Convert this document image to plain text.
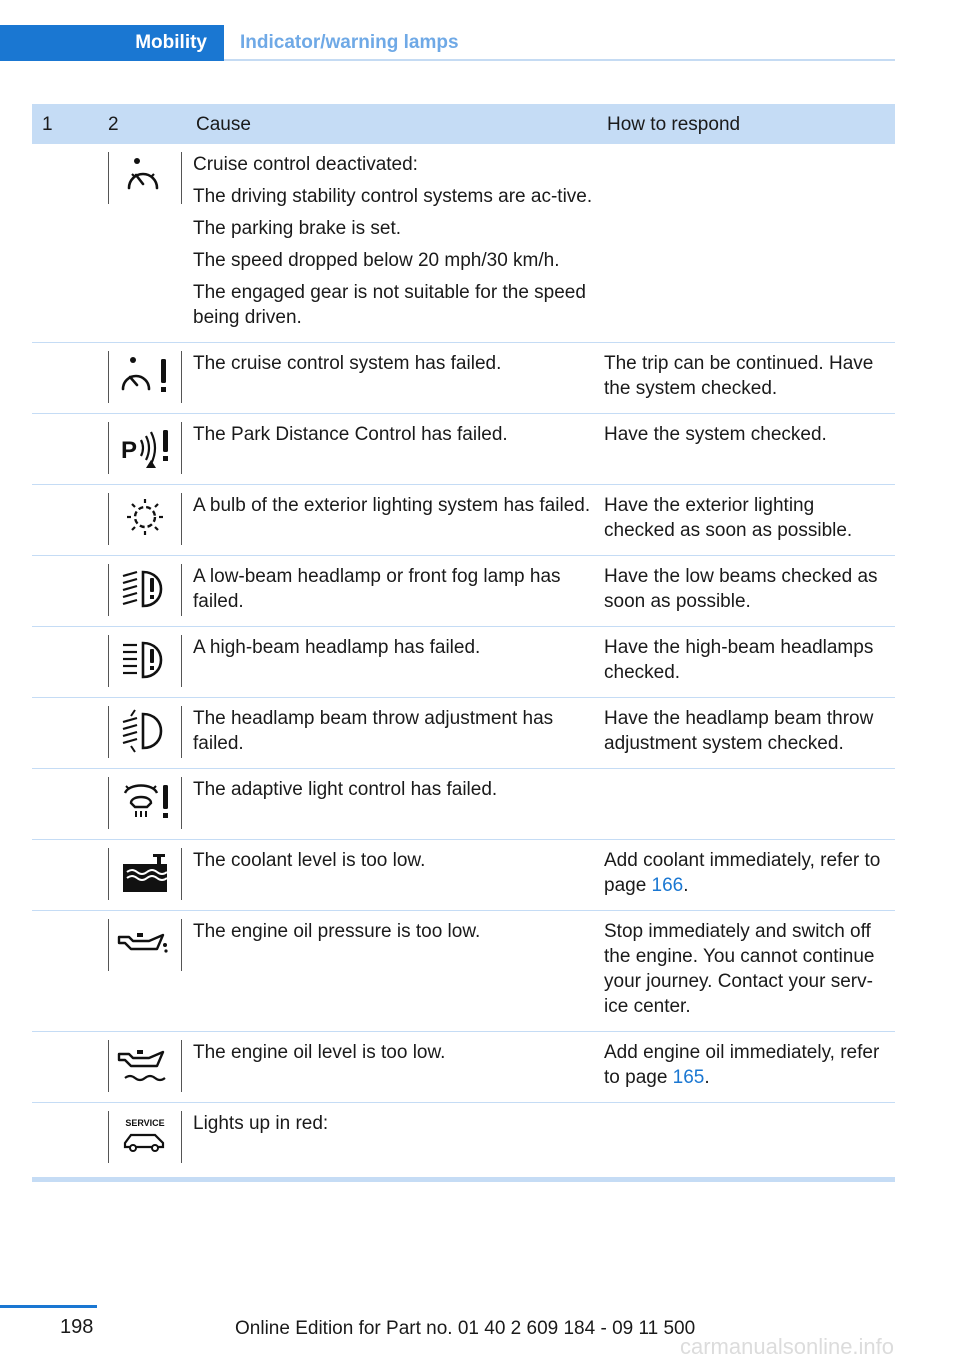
Mobility	Indicator/warning lamps
1	2	Cause	How to respond

Cruise control deactivated:
The driving stability control systems are ac-tive.
The parking brake is set.
The speed dropped below 20 mph/30 km/h.
The engaged gear is not suitable for the speed being driven.	

The cruise control system has failed.	The trip can be continued. Have the system checked.

P	The Park Distance Control has failed.	Have the system checked.

A bulb of the exterior lighting system has failed.	Have the exterior lighting checked as soon as possible.

A low-beam headlamp or front fog lamp has failed.	Have the low beams checked as soon as possible.

A high-beam headlamp has failed.	Have the high-beam headlamps checked.

The headlamp beam throw adjustment has failed.	Have the headlamp beam throw adjustment system checked.

The adaptive light control has failed.	

The coolant level is too low.	Add coolant immediately, refer to page 166.

The engine oil pressure is too low.	Stop immediately and switch off the engine. You cannot continue your journey. Contact your serv-ice center.

The engine oil level is too low.	Add engine oil immediately, refer to page 165.

SERVICE	Lights up in red:	

198	Online Edition for Part no. 01 40 2 609 184 - 09 11 500
carmanualsonline.info
